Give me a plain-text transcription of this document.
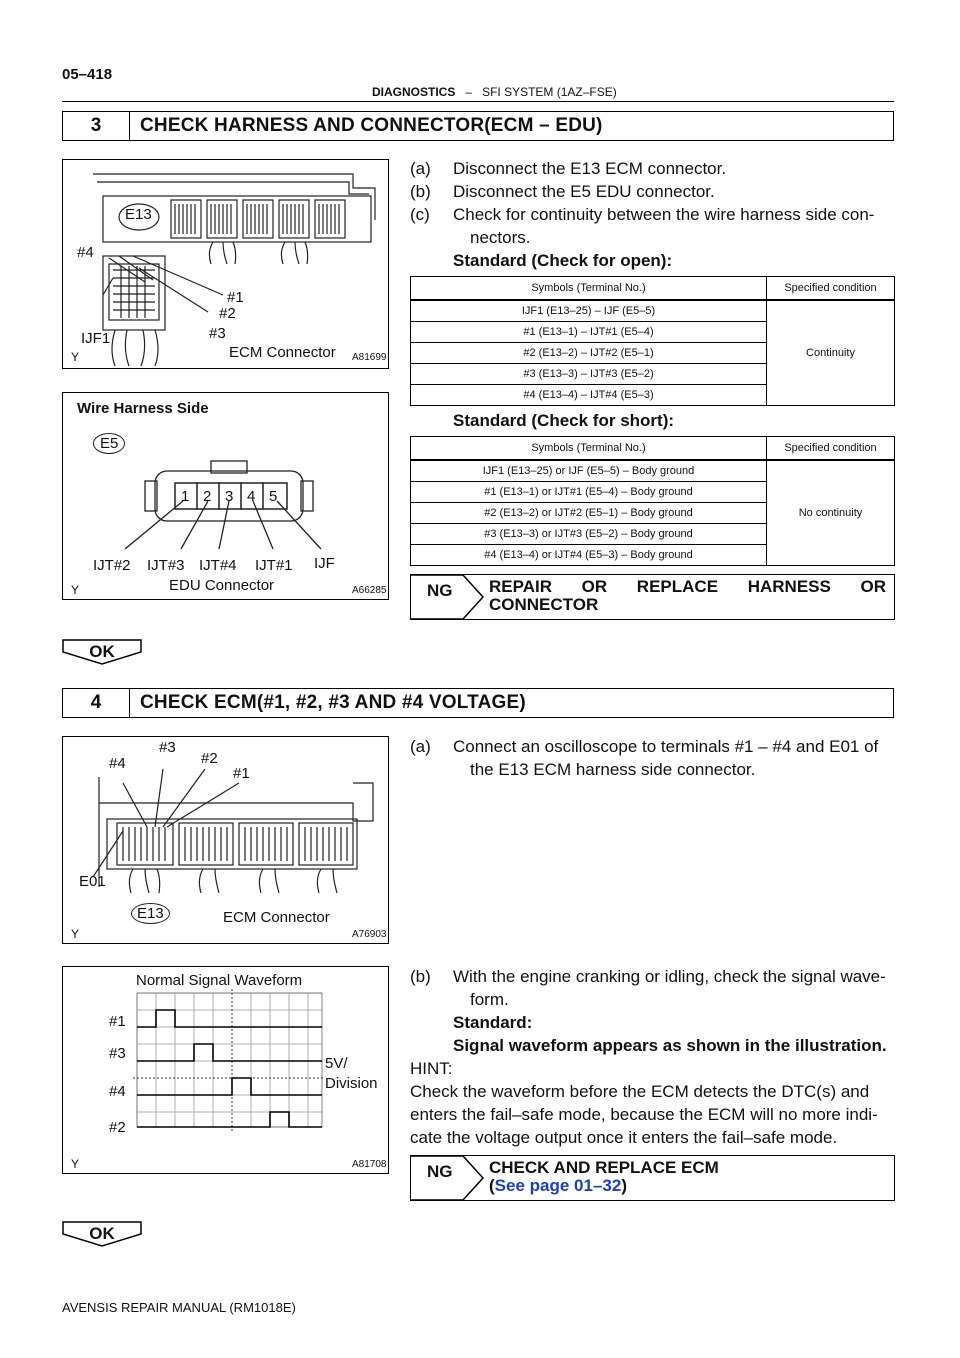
05–418
DIAGNOSTICS – SFI SYSTEM (1AZ–FSE)
3	CHECK HARNESS AND CONNECTOR(ECM – EDU)
E13
#4
#1
#2
#3
IJF1
ECM Connector A81699
Y
Wire Harness Side
E5
1 2 3 4 5
IJT#2 IJT#3 IJT#4 IJT#1 IJF
EDU Connector	A66285
Y
(a) Disconnect the E13 ECM connector.
(b) Disconnect the E5 EDU connector.
(c) Check for continuity between the wire harness side con-
nectors.
Standard (Check for open):
Symbols (Terminal No.)	Specified condition
IJF1 (E13–25) – IJF (E5–5)	Continuity
#1 (E13–1) – IJT#1 (E5–4)	
#2 (E13–2) – IJT#2 (E5–1)	
#3 (E13–3) – IJT#3 (E5–2)	
#4 (E13–4) – IJT#4 (E5–3)	
Standard (Check for short):
Symbols (Terminal No.)	Specified condition
IJF1 (E13–25) or IJF (E5–5) – Body ground	No continuity
#1 (E13–1) or IJT#1 (E5–4) – Body ground	
#2 (E13–2) or IJT#2 (E5–1) – Body ground	
#3 (E13–3) or IJT#3 (E5–2) – Body ground	
#4 (E13–4) or IJT#4 (E5–3) – Body ground	
NG REPAIR OR REPLACE HARNESS OR
CONNECTOR
OK
4	CHECK ECM(#1, #2, #3 AND #4 VOLTAGE)
#4
#3
#2
#1
E01
E13	ECM Connector
A76903
Y
Normal Signal Waveform
#1
#3
#4
#2
5V/
Division
A81708
Y
(a) Connect an oscilloscope to terminals #1 – #4 and E01 of
the E13 ECM harness side connector.
(b) With the engine cranking or idling, check the signal wave-
form.
Standard:
Signal waveform appears as shown in the illustration.
HINT:
Check the waveform before the ECM detects the DTC(s) and
enters the fail–safe mode, because the ECM will no more indi-
cate the voltage output once it enters the fail–safe mode.
NG CHECK AND REPLACE ECM
(See page 01–32)
OK
AVENSIS REPAIR MANUAL (RM1018E)
